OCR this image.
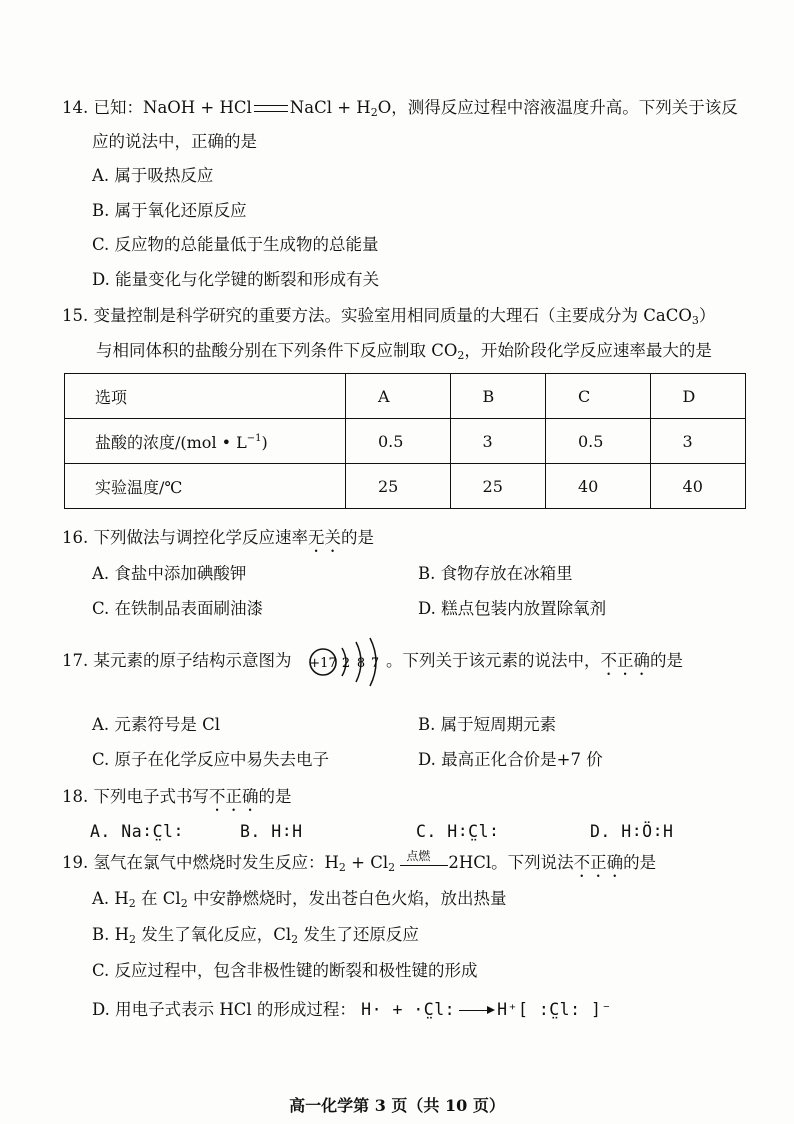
14. 已知：NaOH + HCl NaCl + $H_2O$，测得反应过程中溶液温度升高。下列关于该反
应的说法中，正确的是
A. 属于吸热反应
B. 属于氧化还原反应
C. 反应物的总能量低于生成物的总能量
D. 能量变化与化学键的断裂和形成有关
15. 变量控制是科学研究的重要方法。实验室用相同质量的大理石（主要成分为 CaCO$_3$）
与相同体积的盐酸分别在下列条件下反应制取 $CO_2$，开始阶段化学反应速率最大的是
选项	A	B	C	D
盐酸的浓度/(mol • $L^{-1}$)	0.5	3	0.5	3
实验温度/℃	25	25	40	40
16. 下列做法与调控化学反应速率无关的是
A. 食盐中添加碘酸钾	B. 食物存放在冰箱里
C. 在铁制品表面刷油漆	D. 糕点包装内放置除氧剂
17. 某元素的原子结构示意图为 +17 2 8 7 。下列关于该元素的说法中，不正确的是
A. 元素符号是 Cl	B. 属于短周期元素
C. 原子在化学反应中易失去电子	D. 最高正化合价是+7 价
18. 下列电子式书写不正确的是
A. Na∶C̤l∶	B. H∶H	C. H∶C̤l∶	D. H∶Ö∶H
19. 氢气在氯气中燃烧时发生反应：$H_2 + Cl_2$
点燃 2HCl。下列说法不正确的是
A. $H_2$ 在 $Cl_2$ 中安静燃烧时，发出苍白色火焰，放出热量
B. $H_2$ 发生了氧化反应，$Cl_2$ 发生了还原反应
C. 反应过程中，包含非极性键的断裂和极性键的形成
D. 用电子式表示 HCl 的形成过程： H· + ·C̤l:	H⁺[ :C̤l: ]⁻
高一化学第 3 页（共 10 页）
